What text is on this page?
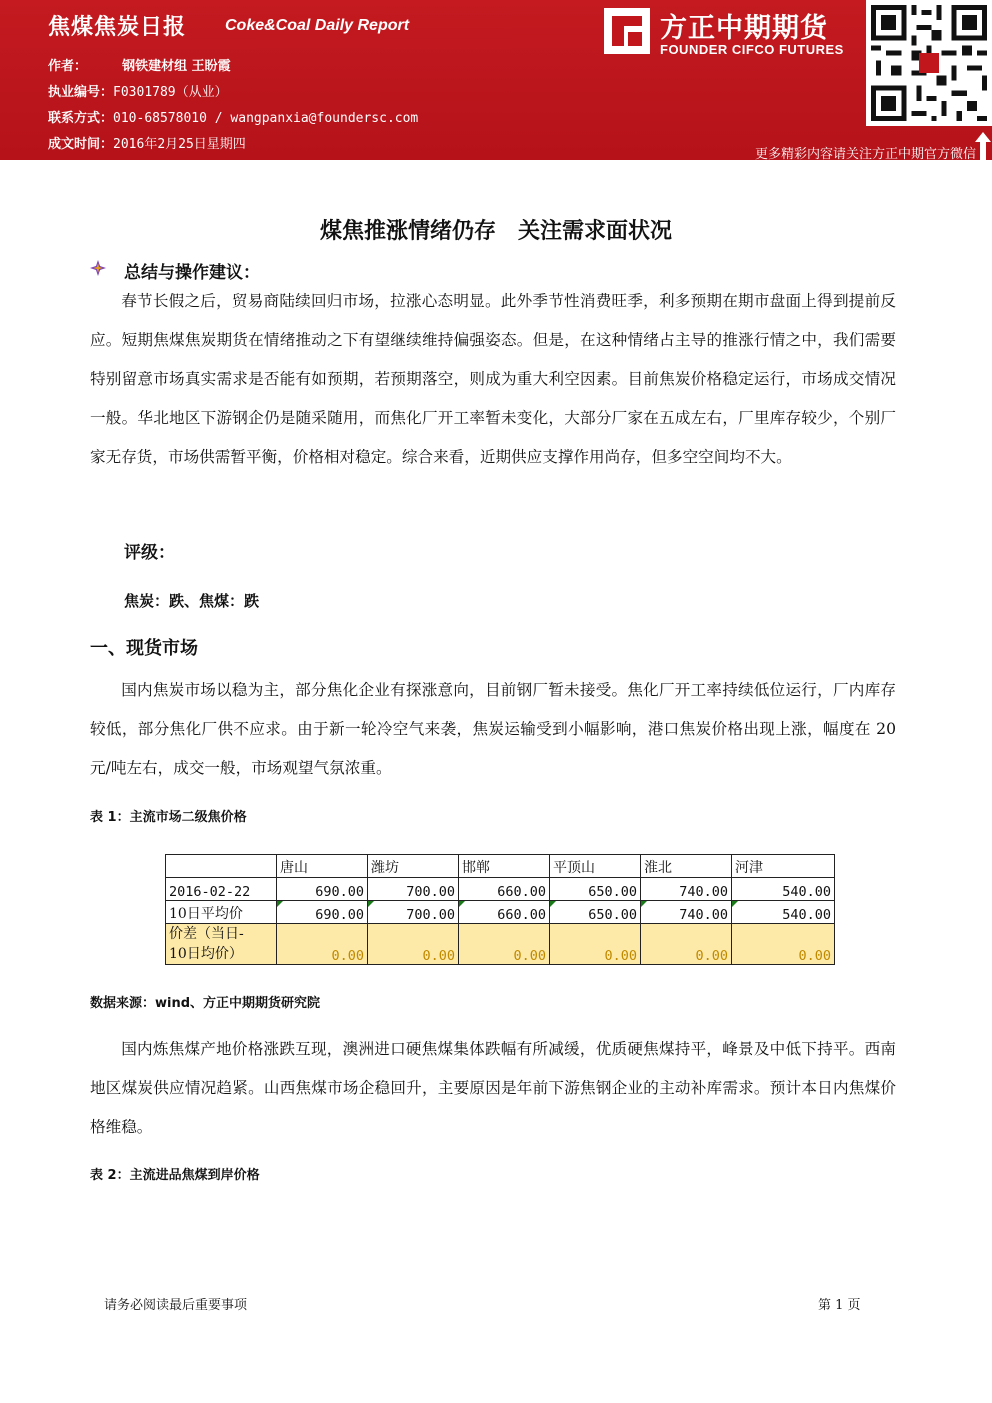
焦煤焦炭日报 Coke&Coal Daily Report
作者：	钢铁建材组 王盼霞
执业编号：F0301789（从业）
联系方式：010-68578010 / wangpanxia@foundersc.com
成文时间：2016年2月25日星期四
方正中期期货
FOUNDER CIFCO FUTURES
更多精彩内容请关注方正中期官方微信
煤焦推涨情绪仍存　关注需求面状况
总结与操作建议：
春节长假之后，贸易商陆续回归市场，拉涨心态明显。此外季节性消费旺季，利多预期在期市盘面上得到提前反应。短期焦煤焦炭期货在情绪推动之下有望继续维持偏强姿态。但是，在这种情绪占主导的推涨行情之中，我们需要特别留意市场真实需求是否能有如预期，若预期落空，则成为重大利空因素。目前焦炭价格稳定运行，市场成交情况一般。华北地区下游钢企仍是随采随用，而焦化厂开工率暂未变化，大部分厂家在五成左右，厂里库存较少，个别厂家无存货，市场供需暂平衡，价格相对稳定。综合来看，近期供应支撑作用尚存，但多空空间均不大。
评级：
焦炭：跌、焦煤：跌
一、现货市场
国内焦炭市场以稳为主，部分焦化企业有探涨意向，目前钢厂暂未接受。焦化厂开工率持续低位运行，厂内库存较低，部分焦化厂供不应求。由于新一轮冷空气来袭，焦炭运输受到小幅影响，港口焦炭价格出现上涨，幅度在 20 元/吨左右，成交一般，市场观望气氛浓重。
表 1：主流市场二级焦价格
	唐山	潍坊	邯郸	平顶山	淮北	河津
2016-02-22	690.00	700.00	660.00	650.00	740.00	540.00
10日平均价	690.00	700.00	660.00	650.00	740.00	540.00

价差（当日-
10日均价）	0.00	0.00	0.00	0.00	0.00	0.00
数据来源：wind、方正中期期货研究院
国内炼焦煤产地价格涨跌互现，澳洲进口硬焦煤集体跌幅有所减缓，优质硬焦煤持平，峰景及中低下持平。西南地区煤炭供应情况趋紧。山西焦煤市场企稳回升，主要原因是年前下游焦钢企业的主动补库需求。预计本日内焦煤价格维稳。
表 2：主流进品焦煤到岸价格
请务必阅读最后重要事项	第 1 页
